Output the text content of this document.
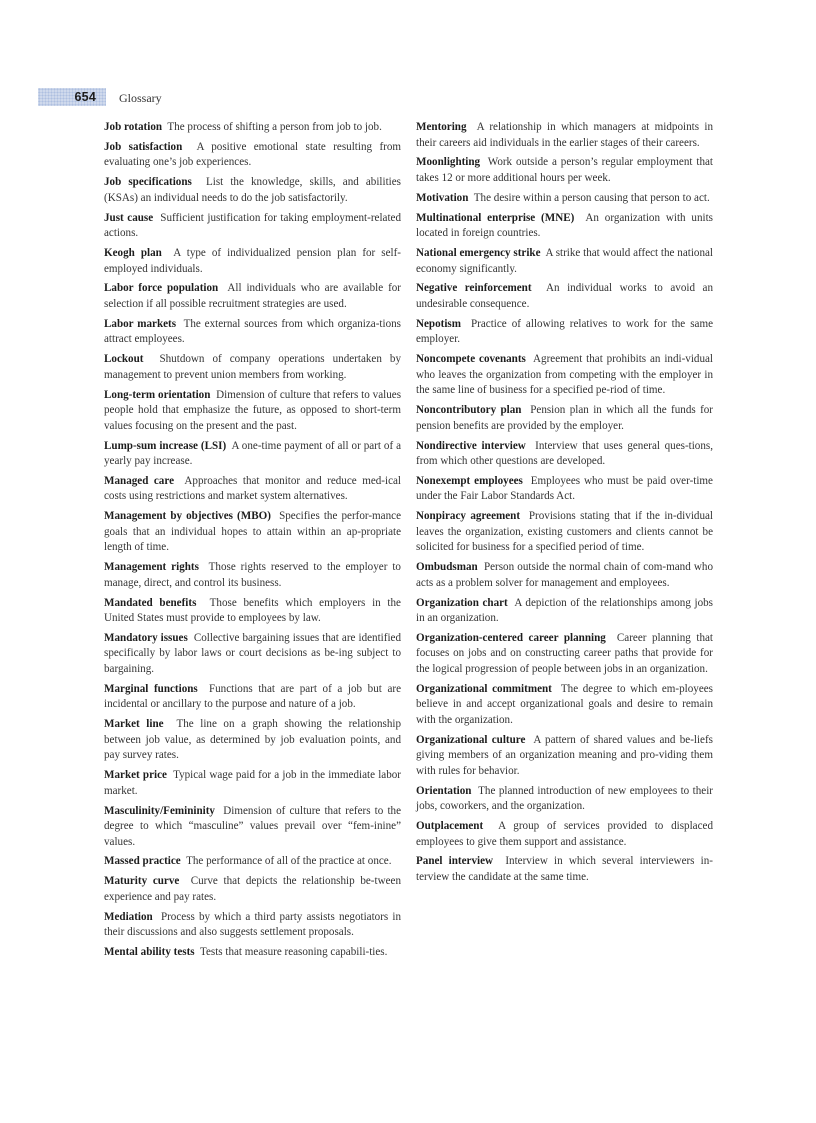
654 Glossary

Job rotation The process of shifting a person from job to job.

Job satisfaction A positive emotional state resulting from evaluating one’s job experiences.

Job specifications List the knowledge, skills, and abilities (KSAs) an individual needs to do the job satisfactorily.

Just cause Sufficient justification for taking employment-related actions.

Keogh plan A type of individualized pension plan for self-employed individuals.

Labor force population All individuals who are available for selection if all possible recruitment strategies are used.

Labor markets The external sources from which organiza-tions attract employees.

Lockout Shutdown of company operations undertaken by management to prevent union members from working.

Long-term orientation Dimension of culture that refers to values people hold that emphasize the future, as opposed to short-term values focusing on the present and the past.

Lump-sum increase (LSI) A one-time payment of all or part of a yearly pay increase.

Managed care Approaches that monitor and reduce med-ical costs using restrictions and market system alternatives.

Management by objectives (MBO) Specifies the perfor-mance goals that an individual hopes to attain within an ap-propriate length of time.

Management rights Those rights reserved to the employer to manage, direct, and control its business.

Mandated benefits Those benefits which employers in the United States must provide to employees by law.

Mandatory issues Collective bargaining issues that are identified specifically by labor laws or court decisions as be-ing subject to bargaining.

Marginal functions Functions that are part of a job but are incidental or ancillary to the purpose and nature of a job.

Market line The line on a graph showing the relationship between job value, as determined by job evaluation points, and pay survey rates.

Market price Typical wage paid for a job in the immediate labor market.

Masculinity/Femininity Dimension of culture that refers to the degree to which “masculine” values prevail over “fem-inine” values.

Massed practice The performance of all of the practice at once.

Maturity curve Curve that depicts the relationship be-tween experience and pay rates.

Mediation Process by which a third party assists negotiators in their discussions and also suggests settlement proposals.

Mental ability tests Tests that measure reasoning capabili-ties.

Mentoring A relationship in which managers at midpoints in their careers aid individuals in the earlier stages of their careers.

Moonlighting Work outside a person’s regular employment that takes 12 or more additional hours per week.

Motivation The desire within a person causing that person to act.

Multinational enterprise (MNE) An organization with units located in foreign countries.

National emergency strike A strike that would affect the national economy significantly.

Negative reinforcement An individual works to avoid an undesirable consequence.

Nepotism Practice of allowing relatives to work for the same employer.

Noncompete covenants Agreement that prohibits an indi-vidual who leaves the organization from competing with the employer in the same line of business for a specified pe-riod of time.

Noncontributory plan Pension plan in which all the funds for pension benefits are provided by the employer.

Nondirective interview Interview that uses general ques-tions, from which other questions are developed.

Nonexempt employees Employees who must be paid over-time under the Fair Labor Standards Act.

Nonpiracy agreement Provisions stating that if the in-dividual leaves the organization, existing customers and clients cannot be solicited for business for a specified period of time.

Ombudsman Person outside the normal chain of com-mand who acts as a problem solver for management and employees.

Organization chart A depiction of the relationships among jobs in an organization.

Organization-centered career planning Career planning that focuses on jobs and on constructing career paths that provide for the logical progression of people between jobs in an organization.

Organizational commitment The degree to which em-ployees believe in and accept organizational goals and desire to remain with the organization.

Organizational culture A pattern of shared values and be-liefs giving members of an organization meaning and pro-viding them with rules for behavior.

Orientation The planned introduction of new employees to their jobs, coworkers, and the organization.

Outplacement A group of services provided to displaced employees to give them support and assistance.

Panel interview Interview in which several interviewers in-terview the candidate at the same time.
